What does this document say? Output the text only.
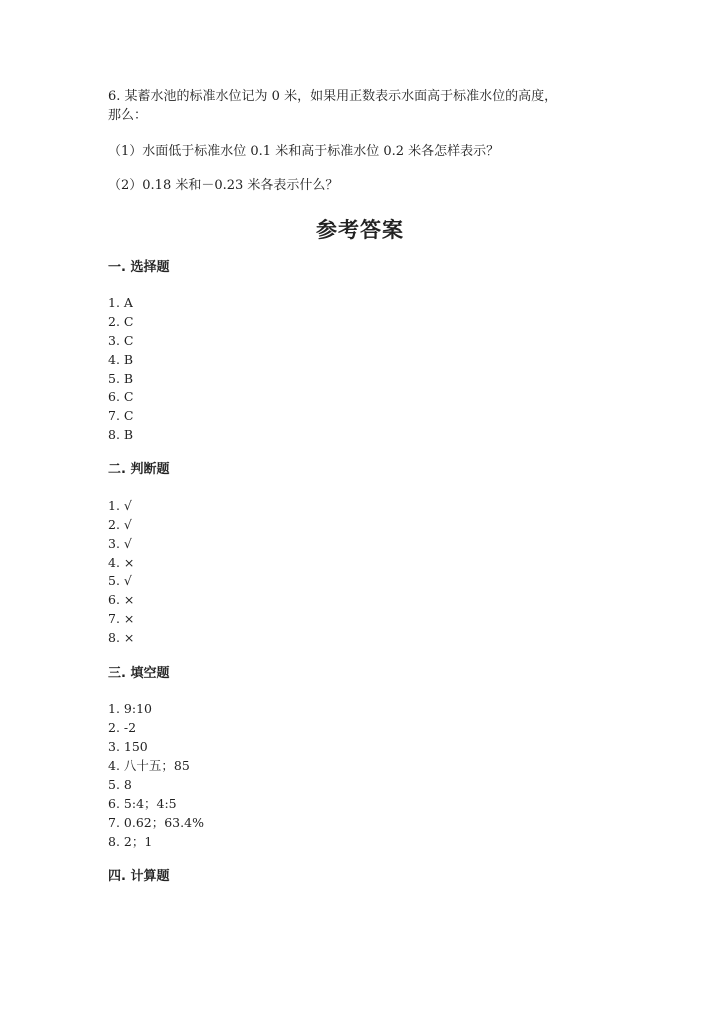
6. 某蓄水池的标准水位记为 0 米，如果用正数表示水面高于标准水位的高度，
那么：
（1）水面低于标准水位 0.1 米和高于标准水位 0.2 米各怎样表示？
（2）0.18 米和－0.23 米各表示什么？
参考答案
一. 选择题
1. A
2. C
3. C
4. B
5. B
6. C
7. C
8. B
二. 判断题
1. √
2. √
3. √
4. ×
5. √
6. ×
7. ×
8. ×
三. 填空题
1. 9:10
2. -2
3. 150
4. 八十五；85
5. 8
6. 5:4；4:5
7. 0.62；63.4%
8. 2；1
四. 计算题
